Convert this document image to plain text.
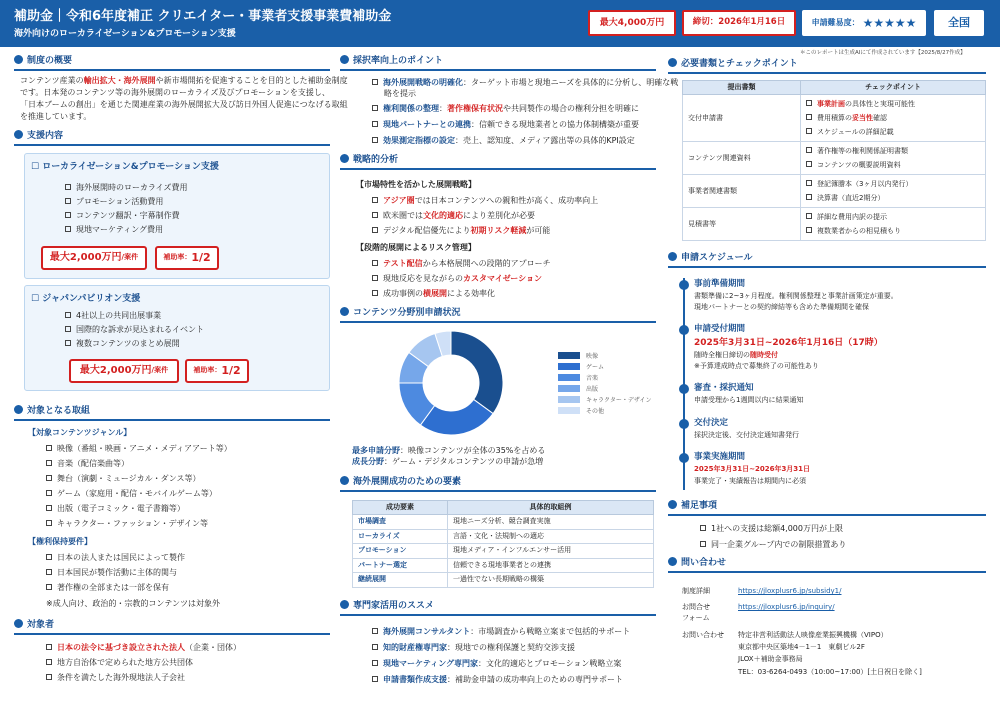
補助金｜令和6年度補正 クリエイター・事業者支援事業費補助金
海外向けのローカライゼーション&プロモーション支援
最大4,000万円	締切：2026年1月16日	申請難易度： ★★★★★	全国
＊このレポートは生成AIにて作成されています【2025/8/27作成】
制度の概要
コンテンツ産業の輸出拡大・海外展開や新市場開拓を促進することを目的とした補助金制度
です。日本発のコンテンツ等の海外展開のローカライズ及びプロモーションを支援し、
「日本ブームの創出」を通じた関連産業の海外展開拡大及び訪日外国人促進につなげる取組
を推進しています。
支援内容
☐ ローカライゼーション&プロモーション支援
海外展開時のローカライズ費用
プロモーション活動費用
コンテンツ翻訳・字幕制作費
現地マーケティング費用
最大2,000万円 /案件	補助率： 1/2
☐ ジャパンパビリオン支援
4社以上の共同出展事業
国際的な訴求が見込まれるイベント
複数コンテンツのまとめ展開
最大2,000万円 /案件	補助率： 1/2
対象となる取組
【対象コンテンツジャンル】
映像（番組・映画・アニメ・メディアアート等）
音楽（配信楽曲等）
舞台（演劇・ミュージカル・ダンス等）
ゲーム（家庭用・配信・モバイルゲーム等）
出版（電子コミック・電子書籍等）
キャラクター・ファッション・デザイン等
【権利保持要件】
日本の法人または国民によって製作
日本国民が製作活動に主体的関与
著作権の全部または一部を保有
※成人向け、政治的・宗教的コンテンツは対象外
対象者
日本の法令に基づき設立された法人（企業・団体）
地方自治体で定められた地方公共団体
条件を満たした海外現地法人子会社
採択率向上のポイント
海外展開戦略の明確化：ターゲット市場と現地ニーズを具体的に分析し、明確な戦
略を提示
権利関係の整理：著作権保有状況や共同製作の場合の権利分担を明確に
現地パートナーとの連携：信頼できる現地業者との協力体制構築が重要
効果測定指標の設定：売上、認知度、メディア露出等の具体的KPI設定
戦略的分析
【市場特性を活かした展開戦略】
アジア圏では日本コンテンツへの親和性が高く、成功率向上
欧米圏では文化的適応により差別化が必要
デジタル配信優先により初期リスク軽減が可能
【段階的展開によるリスク管理】
テスト配信から本格展開への段階的アプローチ
現地反応を見ながらのカスタマイゼーション
成功事例の横展開による効率化
コンテンツ分野別申請状況
映像
ゲーム
音楽
出版
キャラクター・デザイン
その他
最多申請分野：映像コンテンツが全体の35%を占める
成長分野：ゲーム・デジタルコンテンツの申請が急増
海外展開成功のための要素
成功要素	具体的取組例
市場調査	現地ニーズ分析、競合調査実施
ローカライズ	言語・文化・法規制への適応
プロモーション	現地メディア・インフルエンサー活用
パートナー選定	信頼できる現地事業者との連携
継続展開	一過性でない長期戦略の構築
専門家活用のススメ
海外展開コンサルタント：市場調査から戦略立案まで包括的サポート
知的財産権専門家：現地での権利保護と契約交渉支援
現地マーケティング専門家：文化的適応とプロモーション戦略立案
申請書類作成支援：補助金申請の成功率向上のための専門サポート
必要書類とチェックポイント
提出書類	チェックポイント
交付申請書	事業計画の具体性と実現可能性
費用積算の妥当性確認
スケジュールの詳細記載

コンテンツ関連資料	著作権等の権利関係証明書類
コンテンツの概要説明資料

事業者関連書類	登記簿謄本（3ヶ月以内発行）
決算書（直近2期分）

見積書等	詳細な費用内訳の提示
複数業者からの相見積もり
申請スケジュール
事前準備期間
書類準備に2~3ヶ月程度。権利関係整理と事業計画策定が重要。
現地パートナーとの契約締結等も含めた準備期間を確保
申請受付期間
2025年3月31日~2026年1月16日（17時）
随時全権日締切の随時受付
※予算達成時点で募集終了の可能性あり
審査・採択通知
申請受理から1週間以内に結果通知
交付決定
採択決定後、交付決定通知書発行
事業実施期間
2025年3月31日~2026年3月31日
事業完了・実績報告は期間内に必須
補足事項
1社への支援は総額4,000万円が上限
同一企業グループ内での制限措置あり
問い合わせ
制度詳細	https://jloxplusr6.jp/subsidy1/
お問合せ
フォーム
https://jloxplusr6.jp/inquiry/
お問い合わせ 特定非営利活動法人映像産業振興機構（VIPO）
東京都中央区築地4－1－1　東劇ビル2F
JLOX＋補助金事務局
TEL：03-6264-0493（10:00~17:00）[土日祝日を除く]
